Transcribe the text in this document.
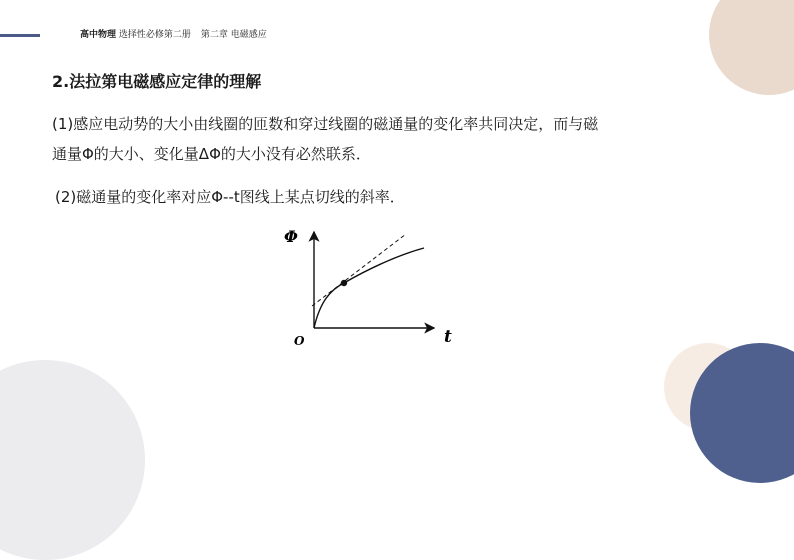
高中物理 选择性必修第二册 第二章 电磁感应
2.法拉第电磁感应定律的理解
(1)感应电动势的大小由线圈的匝数和穿过线圈的磁通量的变化率共同决定，而与磁
通量Φ的大小、变化量ΔΦ的大小没有必然联系．
(2)磁通量的变化率对应Φ--t图线上某点切线的斜率．
Φ
t
O
